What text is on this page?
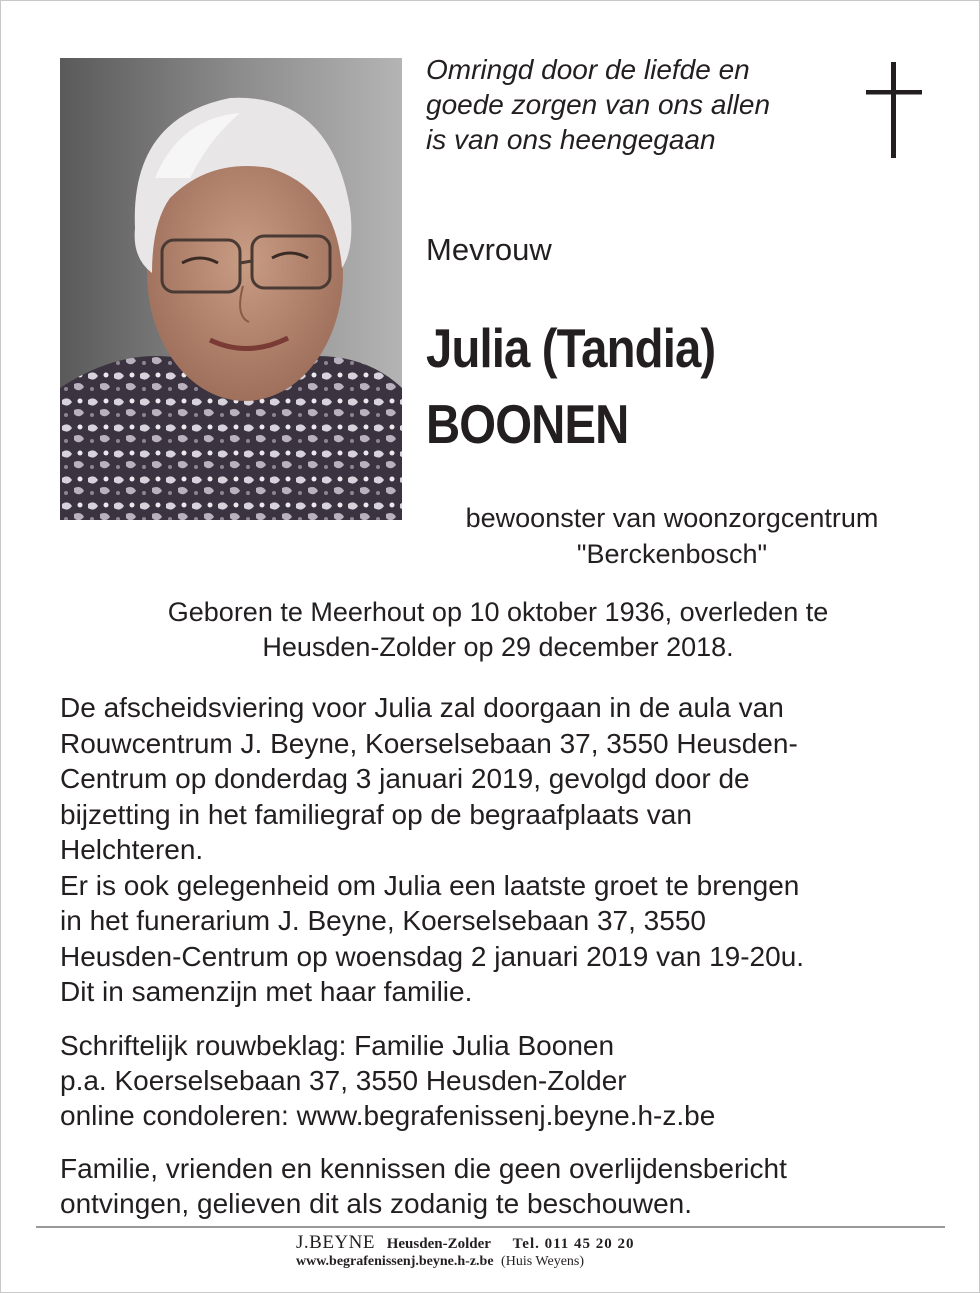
Omringd door de liefde en
goede zorgen van ons allen
is van ons heengegaan
Mevrouw
Julia (Tandia)
BOONEN
bewoonster van woonzorgcentrum
"Berckenbosch"
Geboren te Meerhout op 10 oktober 1936, overleden te
Heusden-Zolder op 29 december 2018.
De afscheidsviering voor Julia zal doorgaan in de aula van
Rouwcentrum J. Beyne, Koerselsebaan 37, 3550 Heusden-
Centrum op donderdag 3 januari 2019, gevolgd door de
bijzetting in het familiegraf op de begraafplaats van
Helchteren.
Er is ook gelegenheid om Julia een laatste groet te brengen
in het funerarium J. Beyne, Koerselsebaan 37, 3550
Heusden-Centrum op woensdag 2 januari 2019 van 19-20u.
Dit in samenzijn met haar familie.
Schriftelijk rouwbeklag: Familie Julia Boonen
p.a. Koerselsebaan 37, 3550 Heusden-Zolder
online condoleren: www.begrafenissenj.beyne.h-z.be
Familie, vrienden en kennissen die geen overlijdensbericht
ontvingen, gelieven dit als zodanig te beschouwen.
J.BEYNE Heusden-Zolder Tel. 011 45 20 20
www.begrafenissenj.beyne.h-z.be (Huis Weyens)
